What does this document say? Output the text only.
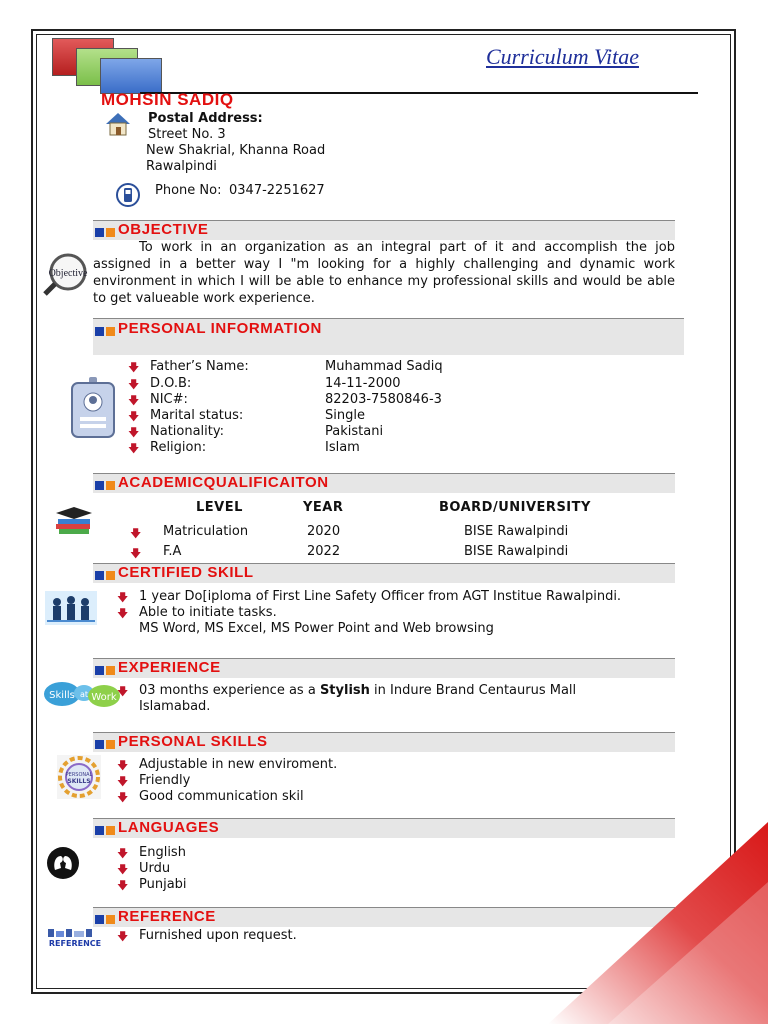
Curriculum Vitae
MOHSIN SADIQ
Postal Address:
Street No. 3
New Shakrial, Khanna Road
Rawalpindi
Phone No: 0347-2251627
OBJECTIVE
Objective
To work in an organization as an integral part of it and accomplish the job assigned in a better way I "m looking for a highly challenging and dynamic work environment in which I will be able to enhance my professional skills and would be able to get valueable work experience.
PERSONAL INFORMATION
🡇 Father’s Name:	Muhammad Sadiq
🡇 D.O.B:	14-11-2000
🡇 NIC#:	82203-7580846-3
🡇 Marital status:	Single
🡇 Nationality:	Pakistani
🡇 Religion:	Islam
ACADEMICQUALIFICAITON
LEVEL	YEAR	BOARD/UNIVERSITY
🡇 Matriculation	2020	BISE Rawalpindi
🡇 F.A	2022	BISE Rawalpindi
CERTIFIED SKILL
🡇 1 year Do[iploma of First Line Safety Officer from AGT Institue Rawalpindi.
🡇 Able to initiate tasks.
MS Word, MS Excel, MS Power Point and Web browsing
EXPERIENCE
Skills at Work 🡇 03 months experience as a Stylish in Indure Brand Centaurus Mall
Islamabad.
PERSONAL SKILLS
PERSONAL
SKILLS
🡇 Adjustable in new enviroment.
🡇 Friendly
🡇 Good communication skil
LANGUAGES
🡇 English
🡇 Urdu
🡇 Punjabi
REFERENCE
REFERENCE
🡇 Furnished upon request.
